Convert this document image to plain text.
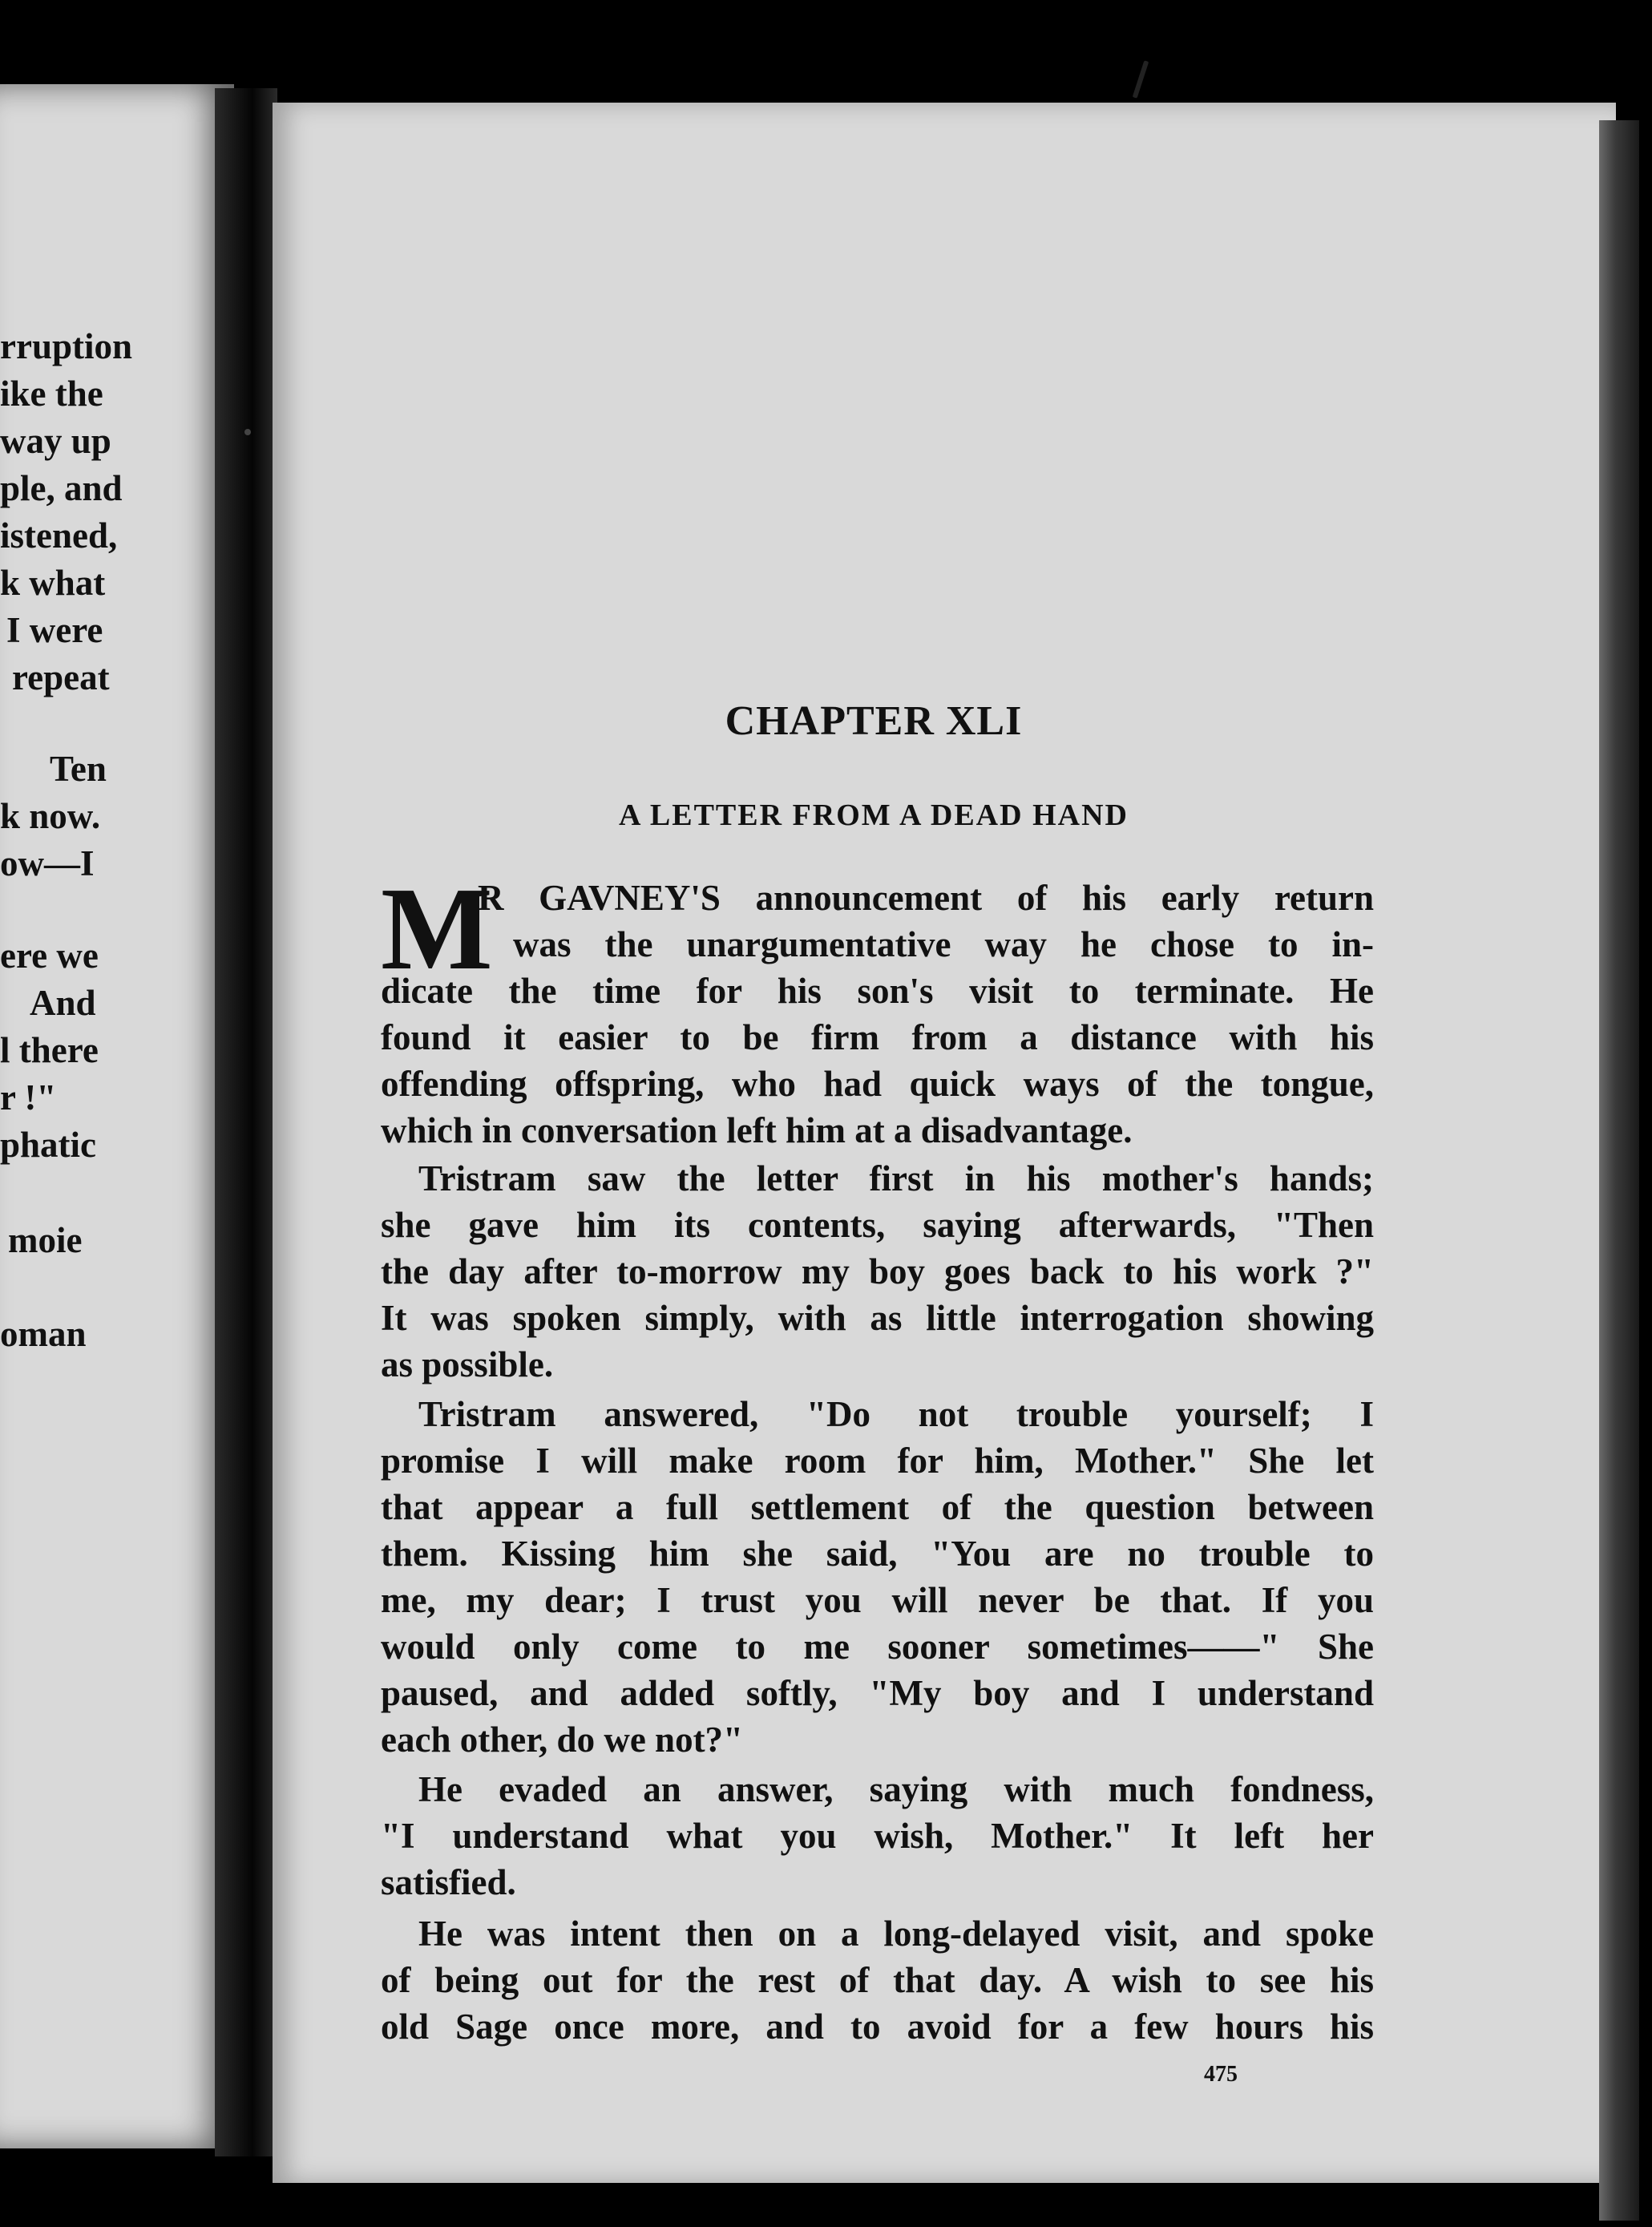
rruption

ike the

way up

ple, and

istened,

k what

I were

repeat

Ten

k now.

ow—I

ere we

And

l there

r !"

phatic

moie

oman

CHAPTER XLI
A LETTER FROM A DEAD HAND
M

R GAVNEY'S announcement of his early return

was the unargumentative way he chose to in-

dicate the time for his son's visit to terminate. He

found it easier to be firm from a distance with his

offending offspring, who had quick ways of the tongue,

which in conversation left him at a disadvantage.

Tristram saw the letter first in his mother's hands;

she gave him its contents, saying afterwards, "Then

the day after to-morrow my boy goes back to his work ?"

It was spoken simply, with as little interrogation showing

as possible.

Tristram answered, "Do not trouble yourself; I

promise I will make room for him, Mother." She let

that appear a full settlement of the question between

them. Kissing him she said, "You are no trouble to

me, my dear; I trust you will never be that. If you

would only come to me sooner sometimes——" She

paused, and added softly, "My boy and I understand

each other, do we not?"

He evaded an answer, saying with much fondness,

"I understand what you wish, Mother." It left her

satisfied.

He was intent then on a long-delayed visit, and spoke

of being out for the rest of that day. A wish to see his

old Sage once more, and to avoid for a few hours his

475
